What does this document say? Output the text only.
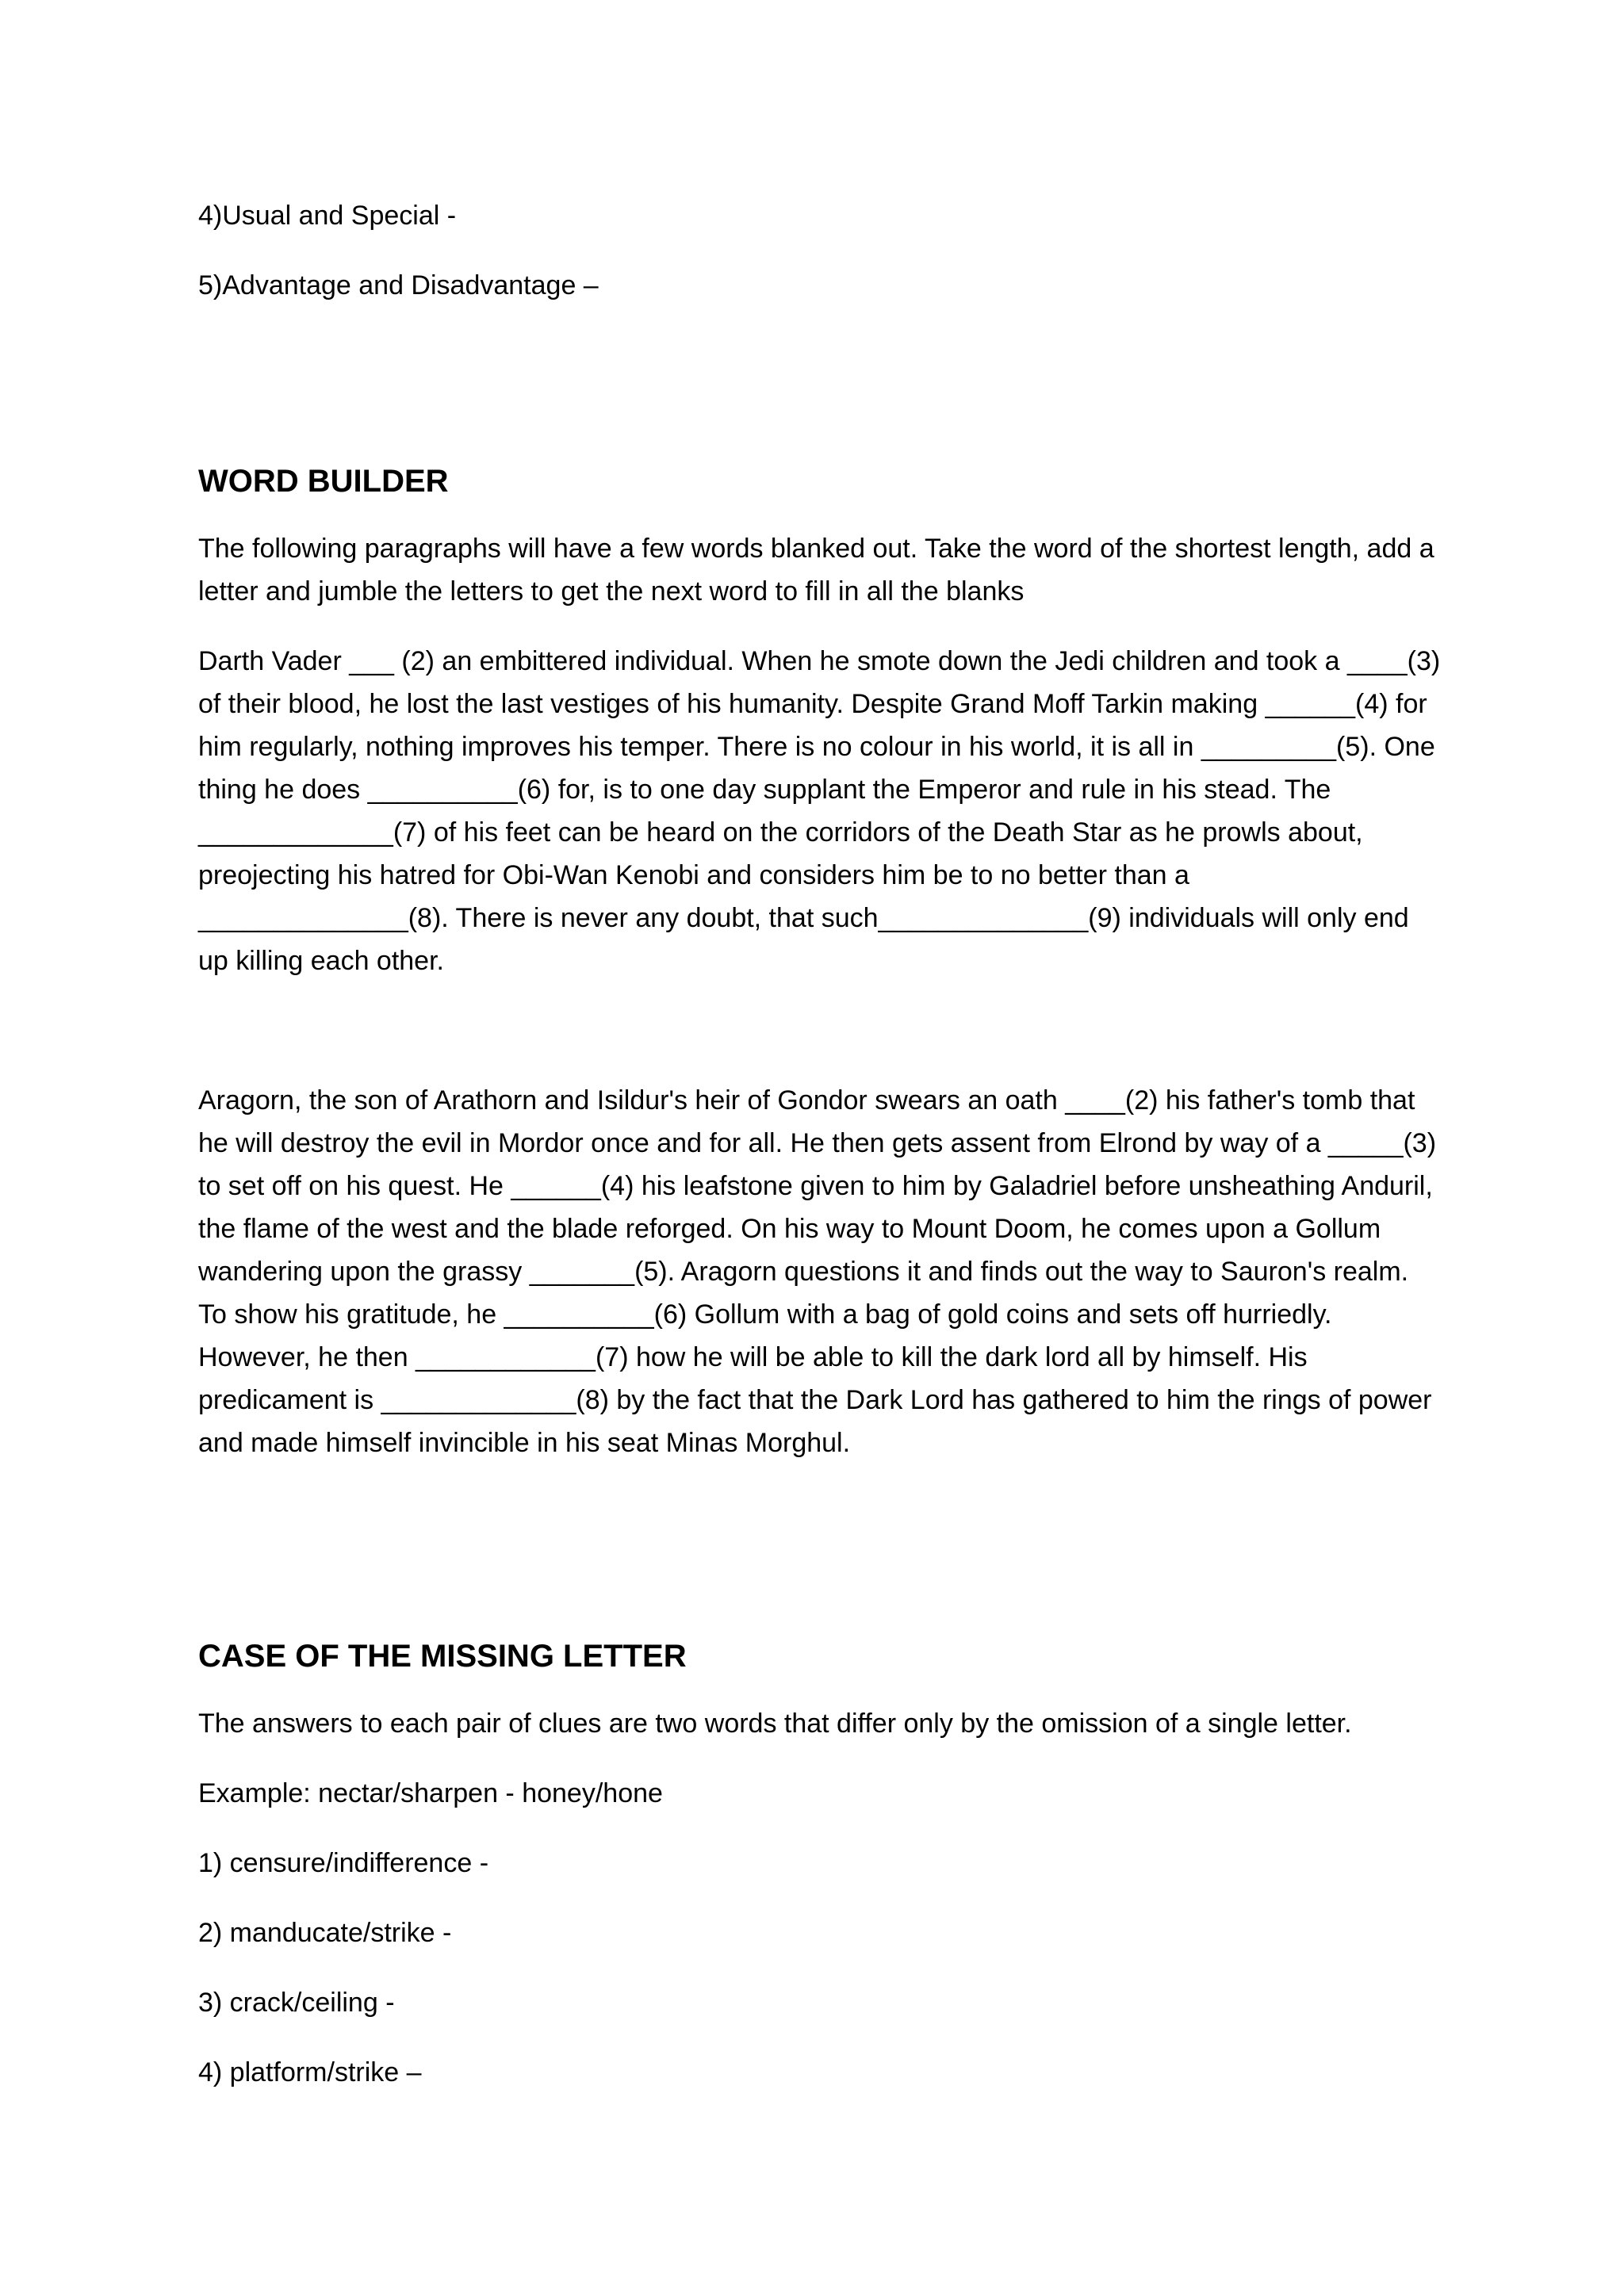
4)Usual and Special -

5)Advantage and Disadvantage –

WORD BUILDER

The following paragraphs will have a few words blanked out. Take the word of the shortest length, add a letter and jumble the letters to get the next word to fill in all the blanks

Darth Vader ___ (2) an embittered individual. When he smote down the Jedi children and took a ____(3) of their blood, he lost the last vestiges of his humanity. Despite Grand Moff Tarkin making ______(4) for him regularly, nothing improves his temper. There is no colour in his world, it is all in _________(5). One thing he does __________(6) for, is to one day supplant the Emperor and rule in his stead. The _____________(7) of his feet can be heard on the corridors of the Death Star as he prowls about, preojecting his hatred for Obi-Wan Kenobi and considers him be to no better than a ______________(8). There is never any doubt, that such______________(9) individuals will only end up killing each other.

Aragorn, the son of Arathorn and Isildur's heir of Gondor swears an oath ____(2) his father's tomb that he will destroy the evil in Mordor once and for all. He then gets assent from Elrond by way of a _____(3) to set off on his quest. He ______(4) his leafstone given to him by Galadriel before unsheathing Anduril, the flame of the west and the blade reforged. On his way to Mount Doom, he comes upon a Gollum wandering upon the grassy _______(5). Aragorn questions it and finds out the way to Sauron's realm. To show his gratitude, he __________(6) Gollum with a bag of gold coins and sets off hurriedly. However, he then ____________(7) how he will be able to kill the dark lord all by himself. His predicament is _____________(8) by the fact that the Dark Lord has gathered to him the rings of power and made himself invincible in his seat Minas Morghul.

CASE OF THE MISSING LETTER

The answers to each pair of clues are two words that differ only by the omission of a single letter.

Example: nectar/sharpen - honey/hone

1) censure/indifference -

2) manducate/strike -

3) crack/ceiling -

4) platform/strike –
